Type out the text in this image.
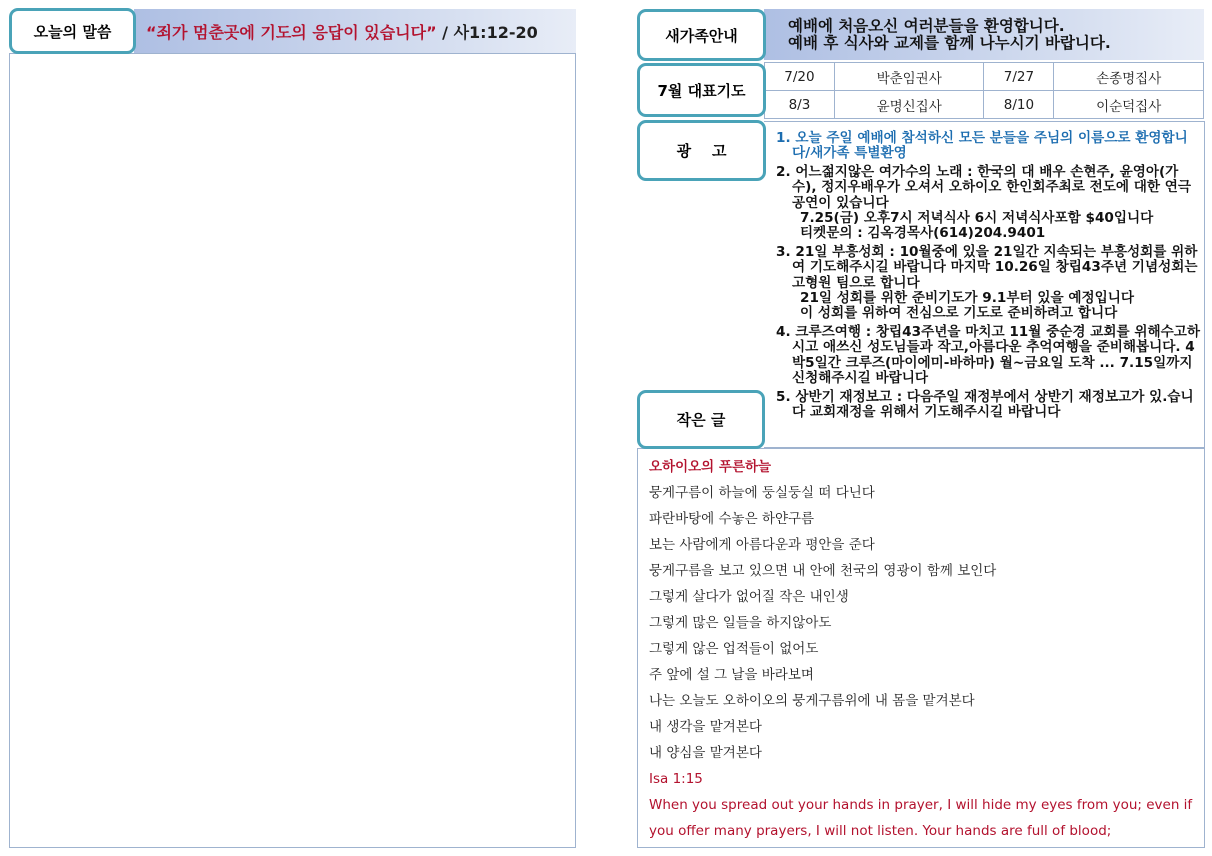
오늘의 말씀 “죄가 멈춘곳에 기도의 응답이 있습니다” / 사1:12-20	새가족안내
예배에 처음오신 여러분들을 환영합니다.
예배 후 식사와 교제를 함께 나누시기 바랍니다.
7월 대표기도
7/20	박춘임권사	7/27	손종명집사
8/3	윤명신집사	8/10	이순덕집사
광    고
1. 오늘 주일 예배에 참석하신 모든 분들을 주님의 이름으로 환영합니다/새가족 특별환영
2. 어느젊지않은 여가수의 노래 : 한국의 대 배우 손현주, 윤영아(가수), 정지우배우가 오셔서 오하이오 한인회주최로 전도에 대한 연극공연이 있습니다
7.25(금) 오후7시 저녁식사 6시 저녁식사포함 $40입니다
티켓문의 : 김옥경목사(614)204.9401
3. 21일 부흥성회 : 10월중에 있을 21일간 지속되는 부흥성회를 위하여 기도해주시길 바랍니다 마지막 10.26일 창립43주년 기념성회는 고형원 팀으로 합니다
21일 성회를 위한 준비기도가 9.1부터 있을 예정입니다
이 성회를 위하여 전심으로 기도로 준비하려고 합니다
4. 크루즈여행 : 창립43주년을 마치고 11월 중순경 교회를 위해수고하시고 애쓰신 성도님들과 작고,아름다운 추억여행을 준비해봅니다. 4박5일간 크루즈(마이에미-바하마) 월~금요일 도착 ... 7.15일까지 신청해주시길 바랍니다
5. 상반기 재정보고 : 다음주일 재정부에서 상반기 재정보고가 있.습니다 교회재정을 위해서 기도해주시길 바랍니다
작은 글

오하이오의 푸른하늘

뭉게구름이 하늘에 둥실둥실 떠 다닌다

파란바탕에 수놓은 하얀구름

보는 사람에게 아름다운과 평안을 준다

뭉게구름을 보고 있으면 내 안에 천국의 영광이 함께 보인다

그렇게 살다가 없어질 작은 내인생

그렇게 많은 일들을 하지않아도

그렇게 않은 업적들이 없어도

주 앞에 설 그 날을 바라보며

나는 오늘도 오하이오의 뭉게구름위에 내 몸을 맡겨본다

내 생각을 맡겨본다

내 양심을 맡겨본다

Isa 1:15

When you spread out your hands in prayer, I will hide my eyes from you; even if

you offer many prayers, I will not listen. Your hands are full of blood;
